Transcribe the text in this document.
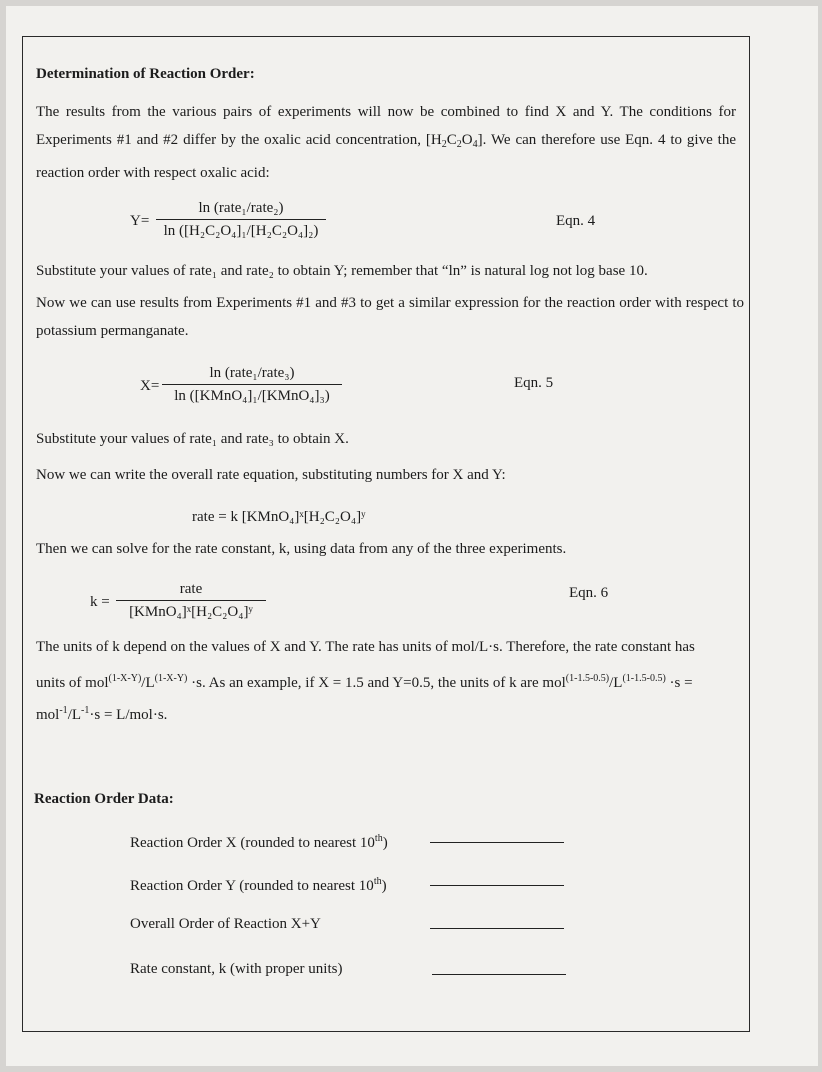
Determination of Reaction Order:
The results from the various pairs of experiments will now be combined to find X and Y. The conditions for Experiments #1 and #2 differ by the oxalic acid concentration, $[H_2C_2O_4]$. We can therefore use Eqn. 4 to give the reaction order with respect oxalic acid:
Y=
ln (rate₁/rate₂)
ln ([H₂C₂O₄]₁/[H₂C₂O₄]₂)
Eqn. 4
Substitute your values of rate₁ and rate₂ to obtain Y; remember that “ln” is natural log not log base 10.
Now we can use results from Experiments #1 and #3 to get a similar expression for the reaction order with respect to potassium permanganate.
X=
ln (rate₁/rate₃)
ln ([KMnO₄]₁/[KMnO₄]₃)
Eqn. 5
Substitute your values of rate₁ and rate₃ to obtain X.
Now we can write the overall rate equation, substituting numbers for X and Y:
rate = k [KMnO₄]ˣ[H₂C₂O₄]ʸ
Then we can solve for the rate constant, k, using data from any of the three experiments.
k =
rate
[KMnO₄]ˣ[H₂C₂O₄]ʸ
Eqn. 6
The units of k depend on the values of X and Y. The rate has units of mol/L·s. Therefore, the rate constant has
units of $mol^{(1-X-Y)}/L^{(1-X-Y)} \cdot s$. As an example, if X = 1.5 and Y=0.5, the units of k are $mol^{(1-1.5-0.5)}/L^{(1-1.5-0.5)} \cdot s$ =
$mol^{-1}/L^{-1}\cdot s = L/mol\cdot s$.
Reaction Order Data:
Reaction Order X (rounded to nearest 10th)
Reaction Order Y (rounded to nearest 10th)
Overall Order of Reaction X+Y
Rate constant, k (with proper units)
